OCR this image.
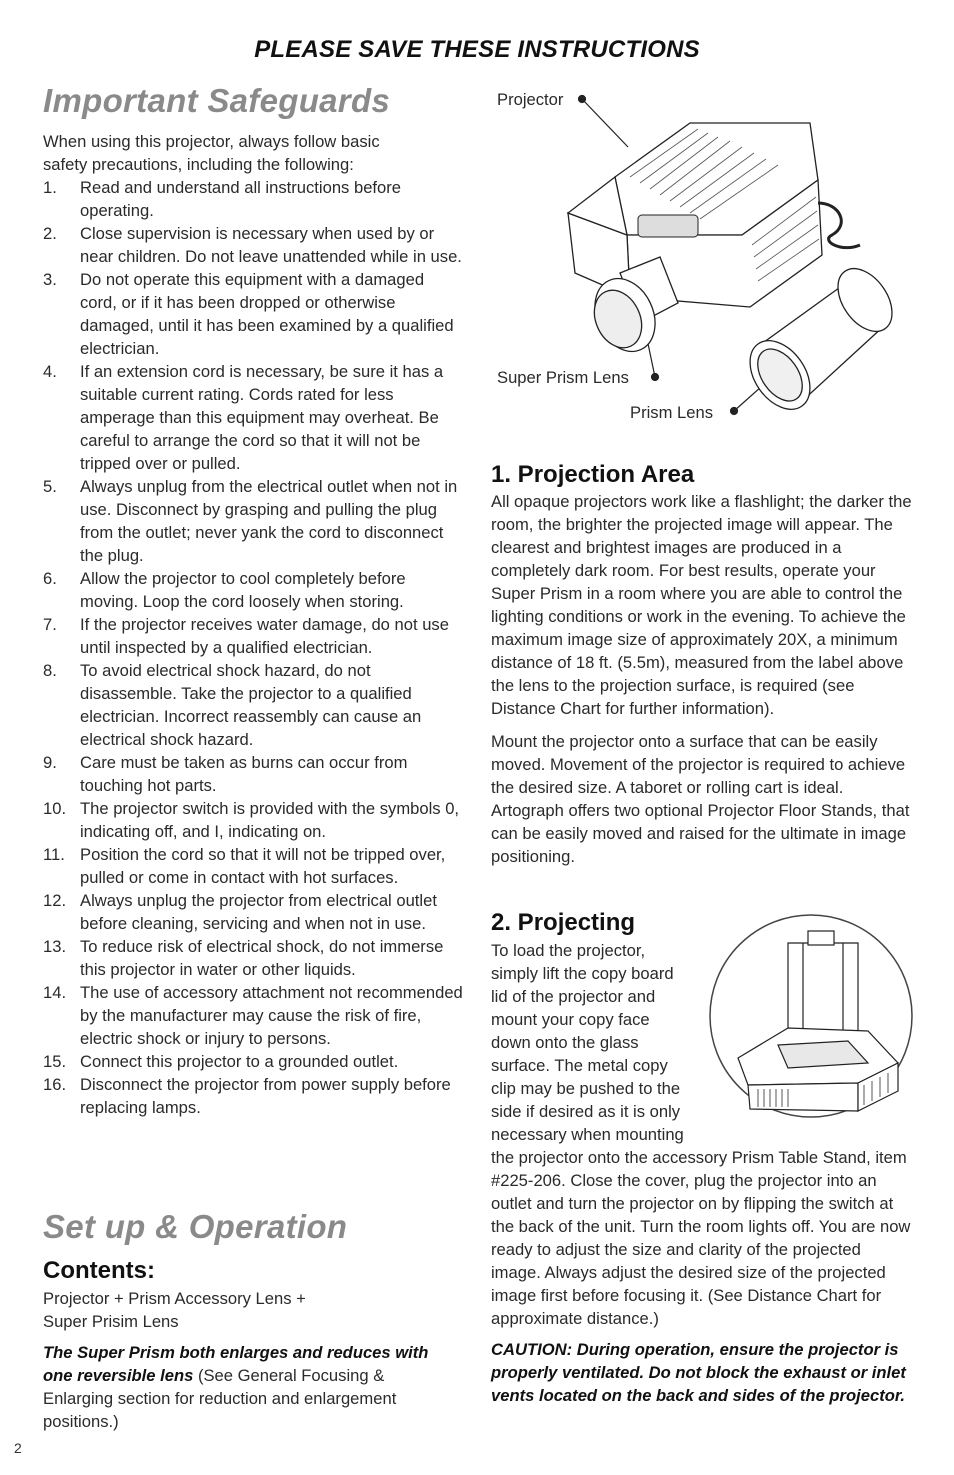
PLEASE SAVE THESE INSTRUCTIONS
Important Safeguards

When using this projector, always follow basic safety precautions, including the following:

1. Read and understand all instructions before operating.
2. Close supervision is necessary when used by or near children. Do not leave unattended while in use.
3. Do not operate this equipment with a damaged cord, or if it has been dropped or otherwise damaged, until it has been examined by a qualified electrician.
4. If an extension cord is necessary, be sure it has a suitable current rating. Cords rated for less amperage than this equipment may overheat. Be careful to arrange the cord so that it will not be tripped over or pulled.
5. Always unplug from the electrical outlet when not in use. Disconnect by grasping and pulling the plug from the outlet; never yank the cord to disconnect the plug.
6. Allow the projector to cool completely before moving. Loop the cord loosely when storing.
7. If the projector receives water damage, do not use until inspected by a qualified electrician.
8. To avoid electrical shock hazard, do not disassemble. Take the projector to a qualified electrician. Incorrect reassembly can cause an electrical shock hazard.
9. Care must be taken as burns can occur from touching hot parts.
10. The projector switch is provided with the symbols 0, indicating off, and I, indicating on.
11. Position the cord so that it will not be tripped over, pulled or come in contact with hot surfaces.
12. Always unplug the projector from electrical outlet before cleaning, servicing and when not in use.
13. To reduce risk of electrical shock, do not immerse this projector in water or other liquids.
14. The use of accessory attachment not recommended by the manufacturer may cause the risk of fire, electric shock or injury to persons.
15. Connect this projector to a grounded outlet.
16. Disconnect the projector from power supply before replacing lamps.
Set up & Operation
Contents:
Projector + Prism Accessory Lens + Super Prisim Lens
The Super Prism both enlarges and reduces with one reversible lens (See General Focusing & Enlarging section for reduction and enlargement positions.)
2
Projector
Super Prism Lens
Prism Lens
1. Projection Area

All opaque projectors work like a flashlight; the darker the room, the brighter the projected image will appear. The clearest and brightest images are produced in a completely dark room. For best results, operate your Super Prism in a room where you are able to control the lighting conditions or work in the evening. To achieve the maximum image size of approximately 20X, a minimum distance of 18 ft. (5.5m), measured from the label above the lens to the projection surface, is required (see Distance Chart for further information).

Mount the projector onto a surface that can be easily moved. Movement of the projector is required to achieve the desired size. A taboret or rolling cart is ideal. Artograph offers two optional Projector Floor Stands, that can be easily moved and raised for the ultimate in image positioning.

2. Projecting
To load the projector,
simply lift the copy board
lid of the projector and
mount your copy face
down onto the glass
surface. The metal copy
clip may be pushed to the
side if desired as it is only
necessary when mounting
the projector onto the accessory Prism Table Stand, item #225-206. Close the cover, plug the projector into an outlet and turn the projector on by flipping the switch at the back of the unit. Turn the room lights off. You are now ready to adjust the size and clarity of the projected image. Always adjust the desired size of the projected image first before focusing it. (See Distance Chart for approximate distance.)
CAUTION: During operation, ensure the projector is properly ventilated. Do not block the exhaust or inlet vents located on the back and sides of the projector.
